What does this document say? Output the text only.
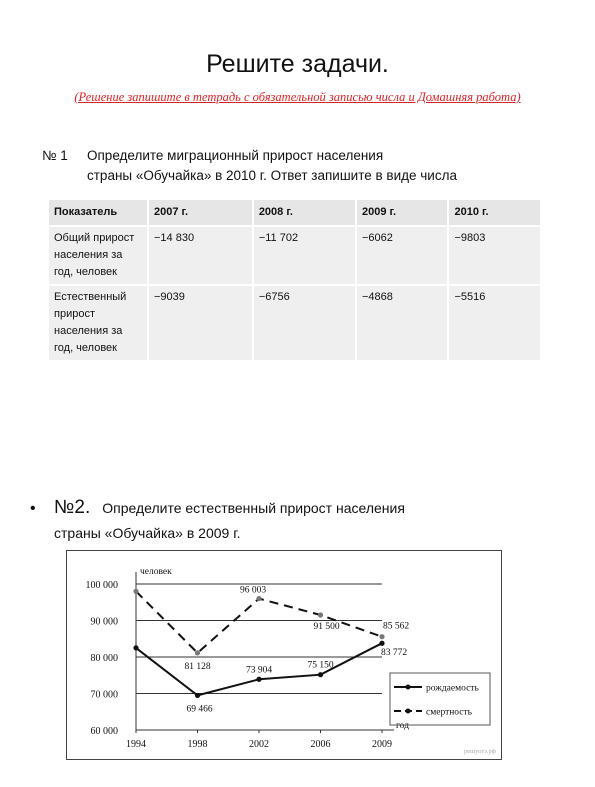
Решите задачи.
(Решение запишите в тетрадь с обязательной записью числа и Домашняя работа)
№ 1 Определите миграционный прирост населения
страны «Обучайка» в 2010 г. Ответ запишите в виде числа
Показатель	2007 г.	2008 г.	2009 г.	2010 г.
Общий прирост населения за год, человек	−14 830	−11 702	−6062	−9803
Естественный прирост населения за год, человек	−9039	−6756	−4868	−5516
• №2. Определите естественный прирост населения
страны «Обучайка» в 2009 г.
60 000
70 000
80 000
90 000
100 000
человек
год
1994	1998	2002	2006	2009
69 466
73 904	75 150
83 772
81 128
96 003
91 500	85 562
рождаемость
смертность
решуогэ.рф
